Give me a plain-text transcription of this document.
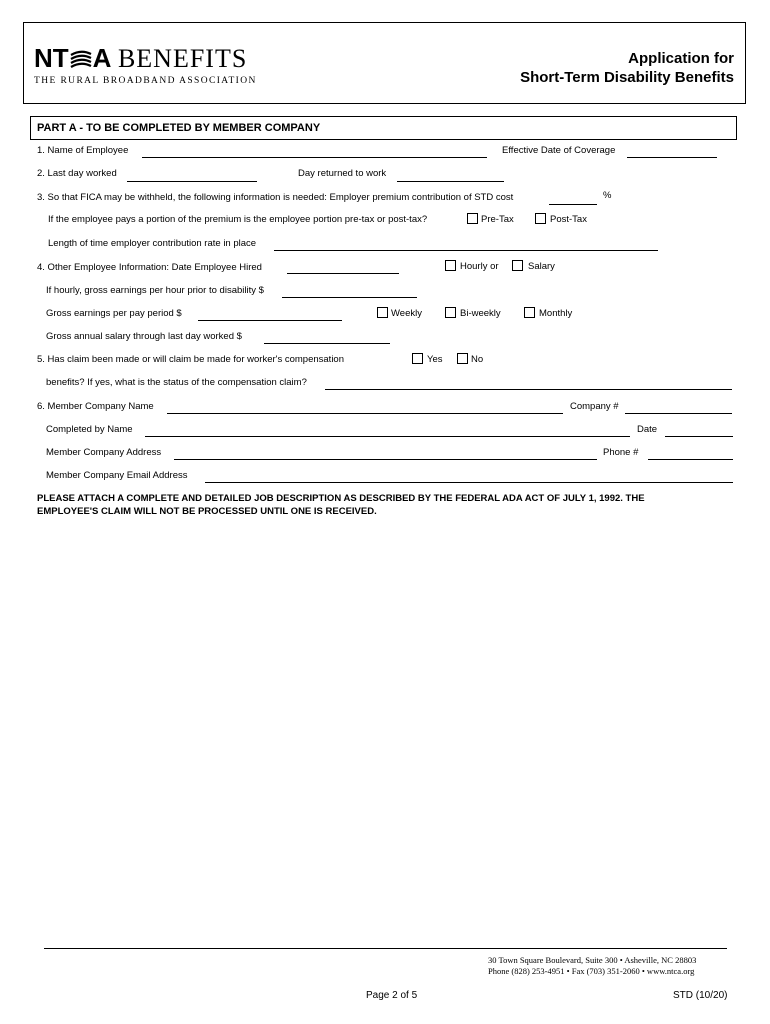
NT A BENEFITS
THE RURAL BROADBAND ASSOCIATION
Application for
Short-Term Disability Benefits
PART A - TO BE COMPLETED BY MEMBER COMPANY
1. Name of Employee	Effective Date of Coverage
2. Last day worked	Day returned to work
3. So that FICA may be withheld, the following information is needed: Employer premium contribution of STD cost	%
If the employee pays a portion of the premium is the employee portion pre-tax or post-tax?	Pre-Tax	Post-Tax
Length of time employer contribution rate in place
4. Other Employee Information: Date Employee Hired	Hourly or	Salary
If hourly, gross earnings per hour prior to disability $
Gross earnings per pay period $	Weekly	Bi-weekly	Monthly
Gross annual salary through last day worked $
5. Has claim been made or will claim be made for worker's compensation	Yes	No
benefits? If yes, what is the status of the compensation claim?
6. Member Company Name	Company #
Completed by Name	Date
Member Company Address	Phone #
Member Company Email Address
PLEASE ATTACH A COMPLETE AND DETAILED JOB DESCRIPTION AS DESCRIBED BY THE FEDERAL ADA ACT OF JULY 1, 1992. THE EMPLOYEE'S CLAIM WILL NOT BE PROCESSED UNTIL ONE IS RECEIVED.
30 Town Square Boulevard, Suite 300 • Asheville, NC 28803
Phone (828) 253-4951 • Fax (703) 351-2060 • www.ntca.org
Page 2 of 5	STD (10/20)
